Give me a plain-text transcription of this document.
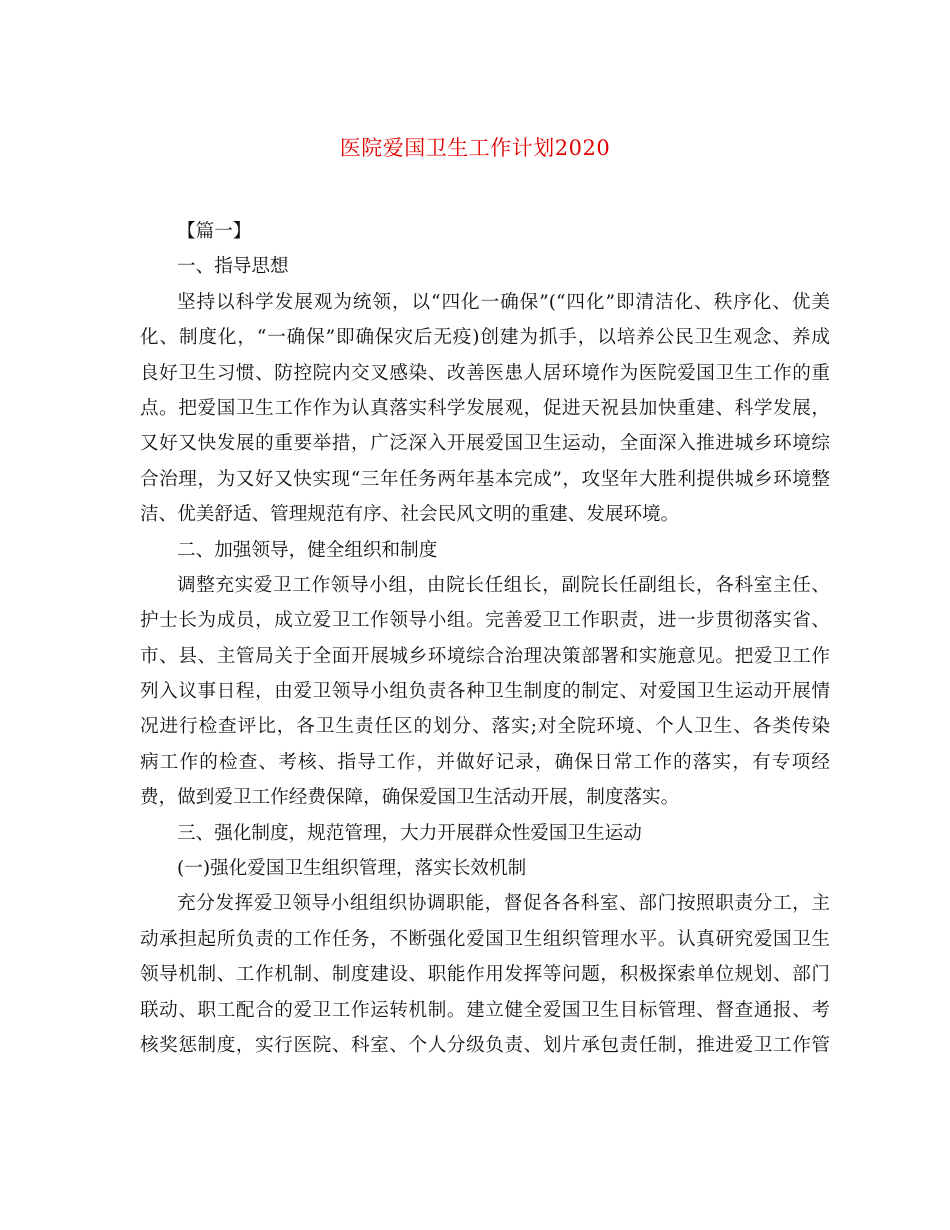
医院爱国卫生工作计划2020
【篇一】
一、指导思想
坚持以科学发展观为统领，以“四化一确保”(“四化”即清洁化、秩序化、优美
化、制度化，“一确保”即确保灾后无疫)创建为抓手，以培养公民卫生观念、养成
良好卫生习惯、防控院内交叉感染、改善医患人居环境作为医院爱国卫生工作的重
点。把爱国卫生工作作为认真落实科学发展观，促进天祝县加快重建、科学发展，
又好又快发展的重要举措，广泛深入开展爱国卫生运动，全面深入推进城乡环境综
合治理，为又好又快实现“三年任务两年基本完成”，攻坚年大胜利提供城乡环境整
洁、优美舒适、管理规范有序、社会民风文明的重建、发展环境。
二、加强领导，健全组织和制度
调整充实爱卫工作领导小组，由院长任组长，副院长任副组长，各科室主任、
护士长为成员，成立爱卫工作领导小组。完善爱卫工作职责，进一步贯彻落实省、
市、县、主管局关于全面开展城乡环境综合治理决策部署和实施意见。把爱卫工作
列入议事日程，由爱卫领导小组负责各种卫生制度的制定、对爱国卫生运动开展情
况进行检查评比，各卫生责任区的划分、落实;对全院环境、个人卫生、各类传染
病工作的检查、考核、指导工作，并做好记录，确保日常工作的落实，有专项经
费，做到爱卫工作经费保障，确保爱国卫生活动开展，制度落实。
三、强化制度，规范管理，大力开展群众性爱国卫生运动
(一)强化爱国卫生组织管理，落实长效机制
充分发挥爱卫领导小组组织协调职能，督促各各科室、部门按照职责分工，主
动承担起所负责的工作任务，不断强化爱国卫生组织管理水平。认真研究爱国卫生
领导机制、工作机制、制度建设、职能作用发挥等问题，积极探索单位规划、部门
联动、职工配合的爱卫工作运转机制。建立健全爱国卫生目标管理、督查通报、考
核奖惩制度，实行医院、科室、个人分级负责、划片承包责任制，推进爱卫工作管
